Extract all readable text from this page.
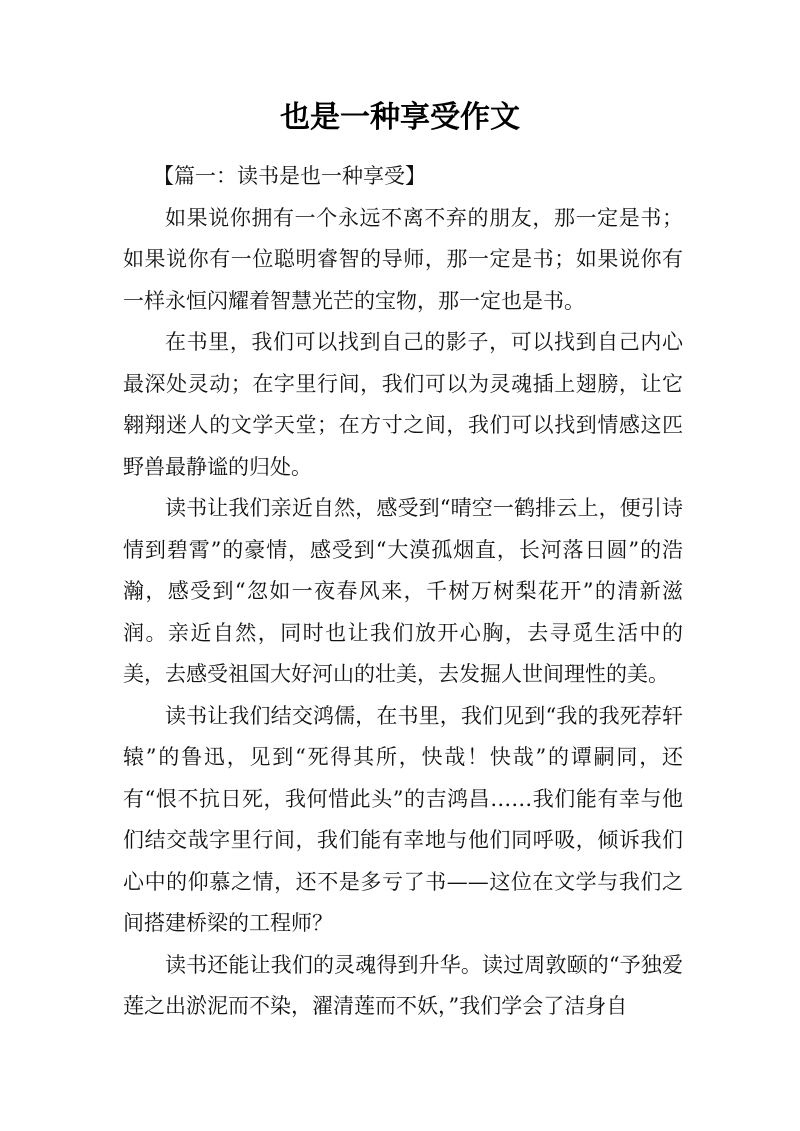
也是一种享受作文

【篇一：读书是也一种享受】

如果说你拥有一个永远不离不弃的朋友，那一定是书；如果说你有一位聪明睿智的导师，那一定是书；如果说你有一样永恒闪耀着智慧光芒的宝物，那一定也是书。

在书里，我们可以找到自己的影子，可以找到自己内心最深处灵动；在字里行间，我们可以为灵魂插上翅膀，让它翱翔迷人的文学天堂；在方寸之间，我们可以找到情感这匹野兽最静谧的归处。

读书让我们亲近自然，感受到“晴空一鹤排云上，便引诗情到碧霄”的豪情，感受到“大漠孤烟直，长河落日圆”的浩瀚，感受到“忽如一夜春风来，千树万树梨花开”的清新滋润。亲近自然，同时也让我们放开心胸，去寻觅生活中的美，去感受祖国大好河山的壮美，去发掘人世间理性的美。

读书让我们结交鸿儒，在书里，我们见到“我的我死荐轩辕”的鲁迅，见到“死得其所，快哉！快哉”的谭嗣同，还有“恨不抗日死，我何惜此头”的吉鸿昌……我们能有幸与他们结交哉字里行间，我们能有幸地与他们同呼吸，倾诉我们心中的仰慕之情，还不是多亏了书——这位在文学与我们之间搭建桥梁的工程师？

读书还能让我们的灵魂得到升华。读过周敦颐的“予独爱莲之出淤泥而不染，濯清莲而不妖，”我们学会了洁身自
